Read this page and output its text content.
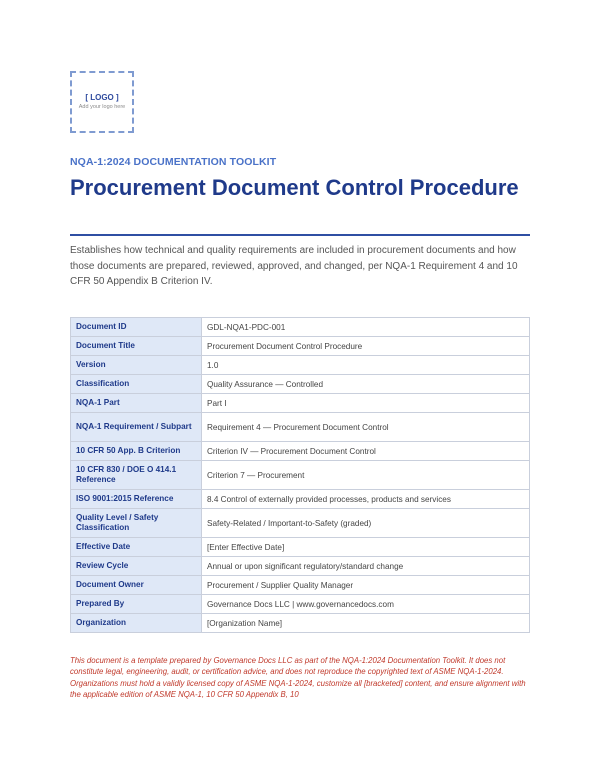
[ LOGO ]
Add your logo here
NQA-1:2024 DOCUMENTATION TOOLKIT
Procurement Document Control Procedure

Establishes how technical and quality requirements are included in procurement documents and how those documents are prepared, reviewed, approved, and changed, per NQA-1 Requirement 4 and 10 CFR 50 Appendix B Criterion IV.

Document ID	GDL-NQA1-PDC-001
Document Title	Procurement Document Control Procedure
Version	1.0
Classification	Quality Assurance — Controlled
NQA-1 Part	Part I
NQA-1 Requirement / Subpart	Requirement 4 — Procurement Document Control
10 CFR 50 App. B Criterion	Criterion IV — Procurement Document Control
10 CFR 830 / DOE O 414.1 Reference	Criterion 7 — Procurement
ISO 9001:2015 Reference	8.4 Control of externally provided processes, products and services
Quality Level / Safety Classification	Safety-Related / Important-to-Safety (graded)
Effective Date	[Enter Effective Date]
Review Cycle	Annual or upon significant regulatory/standard change
Document Owner	Procurement / Supplier Quality Manager
Prepared By	Governance Docs LLC | www.governancedocs.com
Organization	[Organization Name]

This document is a template prepared by Governance Docs LLC as part of the NQA-1:2024 Documentation Toolkit. It does not constitute legal, engineering, audit, or certification advice, and does not reproduce the copyrighted text of ASME NQA-1-2024. Organizations must hold a validly licensed copy of ASME NQA-1-2024, customize all [bracketed] content, and ensure alignment with the applicable edition of ASME NQA-1, 10 CFR 50 Appendix B, 10
